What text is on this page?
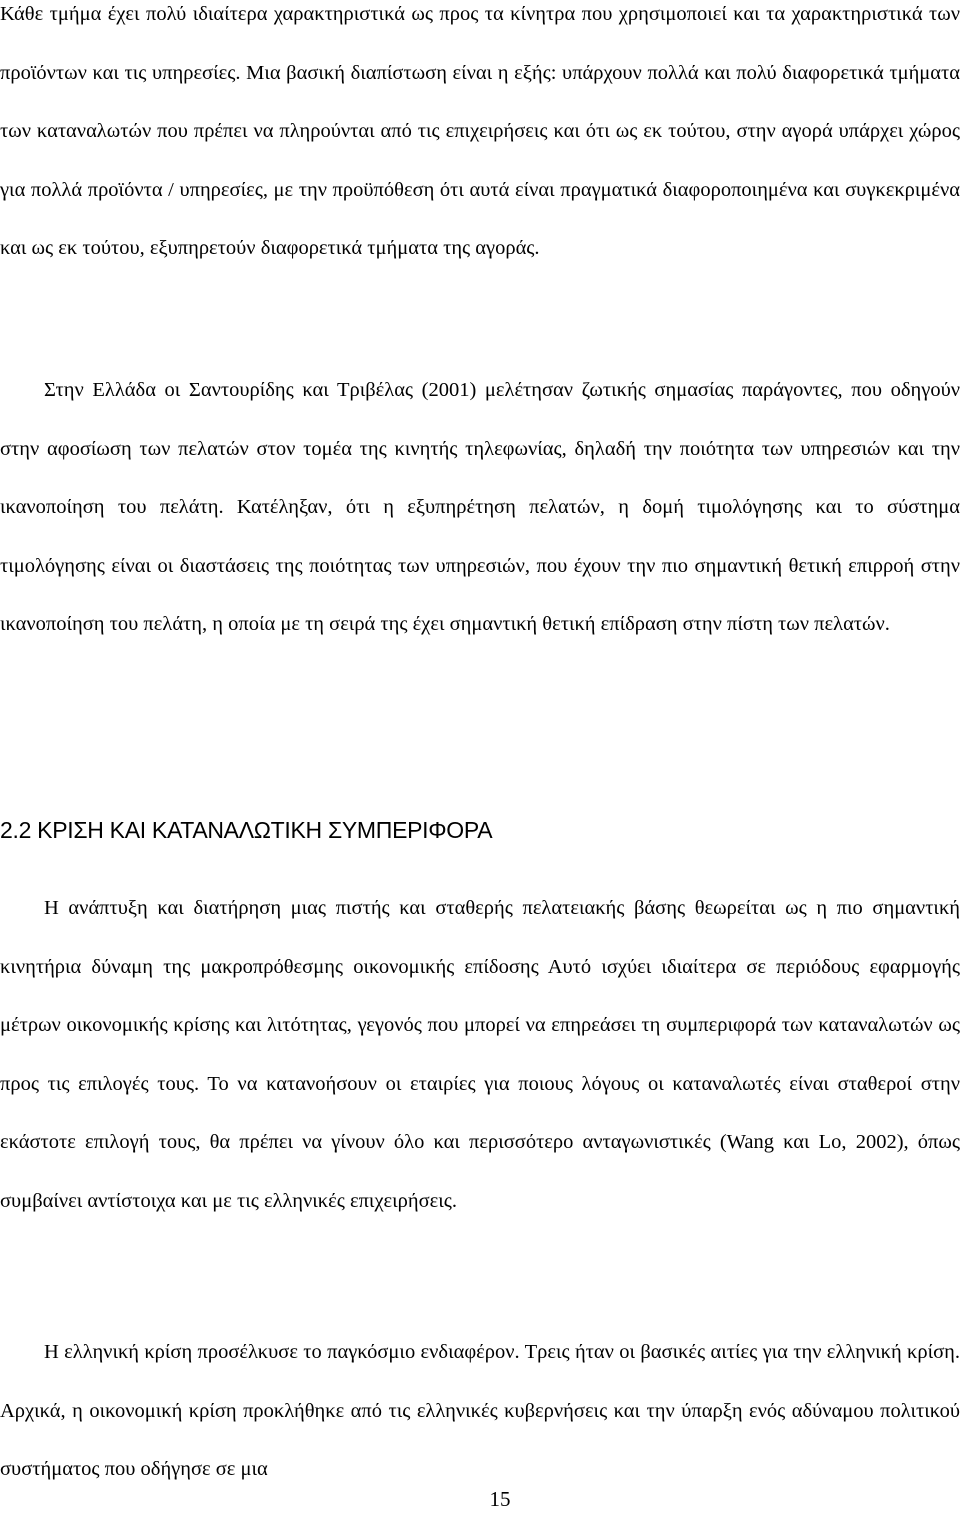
Κάθε τμήμα έχει πολύ ιδιαίτερα χαρακτηριστικά ως προς τα κίνητρα που χρησιμοποιεί και τα χαρακτηριστικά των προϊόντων και τις υπηρεσίες. Μια βασική διαπίστωση είναι η εξής: υπάρχουν πολλά και πολύ διαφορετικά τμήματα των καταναλωτών που πρέπει να πληρούνται από τις επιχειρήσεις και ότι ως εκ τούτου, στην αγορά υπάρχει χώρος για πολλά προϊόντα / υπηρεσίες, με την προϋπόθεση ότι αυτά είναι πραγματικά διαφοροποιημένα και συγκεκριμένα και ως εκ τούτου, εξυπηρετούν διαφορετικά τμήματα της αγοράς.

Στην Ελλάδα οι Σαντουρίδης και Τριβέλας (2001) μελέτησαν ζωτικής σημασίας παράγοντες, που οδηγούν στην αφοσίωση των πελατών στον τομέα της κινητής τηλεφωνίας, δηλαδή την ποιότητα των υπηρεσιών και την ικανοποίηση του πελάτη. Κατέληξαν, ότι η εξυπηρέτηση πελατών, η δομή τιμολόγησης και το σύστημα τιμολόγησης είναι οι διαστάσεις της ποιότητας των υπηρεσιών, που έχουν την πιο σημαντική θετική επιρροή στην ικανοποίηση του πελάτη, η οποία με τη σειρά της έχει σημαντική θετική επίδραση στην πίστη των πελατών.

2.2 ΚΡΙΣΗ ΚΑΙ ΚΑΤΑΝΑΛΩΤΙΚΗ ΣΥΜΠΕΡΙΦΟΡΑ

Η ανάπτυξη και διατήρηση μιας πιστής και σταθερής πελατειακής βάσης θεωρείται ως η πιο σημαντική κινητήρια δύναμη της μακροπρόθεσμης οικονομικής επίδοσης Αυτό ισχύει ιδιαίτερα σε περιόδους εφαρμογής μέτρων οικονομικής κρίσης και λιτότητας, γεγονός που μπορεί να επηρεάσει τη συμπεριφορά των καταναλωτών ως προς τις επιλογές τους. Το να κατανοήσουν οι εταιρίες για ποιους λόγους οι καταναλωτές είναι σταθεροί στην εκάστοτε επιλογή τους, θα πρέπει να γίνουν όλο και περισσότερο ανταγωνιστικές (Wang και Lo, 2002), όπως συμβαίνει αντίστοιχα και με τις ελληνικές επιχειρήσεις.

Η ελληνική κρίση προσέλκυσε το παγκόσμιο ενδιαφέρον. Τρεις ήταν οι βασικές αιτίες για την ελληνική κρίση. Αρχικά, η οικονομική κρίση προκλήθηκε από τις ελληνικές κυβερνήσεις και την ύπαρξη ενός αδύναμου πολιτικού συστήματος που οδήγησε σε μια

15
